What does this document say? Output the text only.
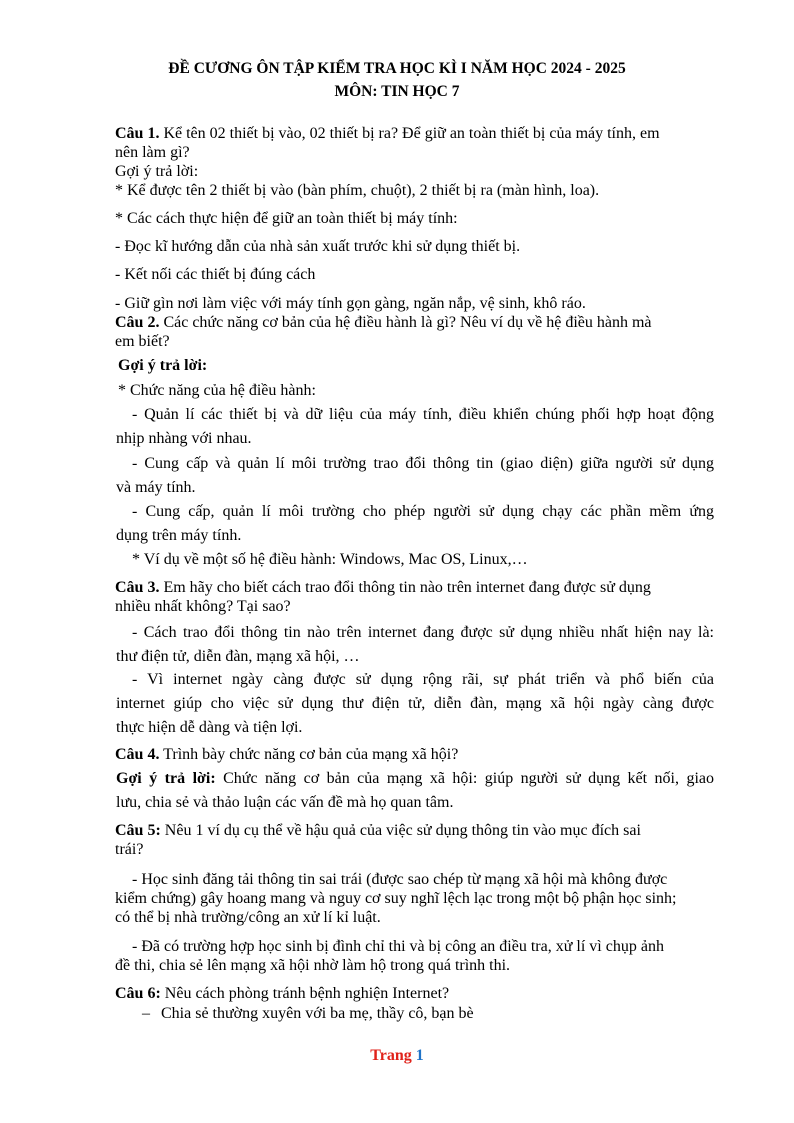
ĐỀ CƯƠNG ÔN TẬP KIỂM TRA HỌC KÌ I NĂM HỌC 2024 - 2025
MÔN: TIN HỌC 7
Câu 1. Kể tên 02 thiết bị vào, 02 thiết bị ra? Để giữ an toàn thiết bị của máy tính, em
nên làm gì?
Gợi ý trả lời:
* Kể được tên 2 thiết bị vào (bàn phím, chuột), 2 thiết bị ra (màn hình, loa).
* Các cách thực hiện để giữ an toàn thiết bị máy tính:
- Đọc kĩ hướng dẫn của nhà sản xuất trước khi sử dụng thiết bị.
- Kết nối các thiết bị đúng cách
- Giữ gìn nơi làm việc với máy tính gọn gàng, ngăn nắp, vệ sinh, khô ráo.
Câu 2. Các chức năng cơ bản của hệ điều hành là gì? Nêu ví dụ về hệ điều hành mà
em biết?
Gợi ý trả lời:
* Chức năng của hệ điều hành:
- Quản lí các thiết bị và dữ liệu của máy tính, điều khiển chúng phối hợp hoạt động
nhịp nhàng với nhau.
- Cung cấp và quản lí môi trường trao đổi thông tin (giao diện) giữa người sử dụng
và máy tính.
- Cung cấp, quản lí môi trường cho phép người sử dụng chạy các phần mềm ứng
dụng trên máy tính.
* Ví dụ về một số hệ điều hành: Windows, Mac OS, Linux,…
Câu 3. Em hãy cho biết cách trao đổi thông tin nào trên internet đang được sử dụng
nhiều nhất không? Tại sao?
- Cách trao đổi thông tin nào trên internet đang được sử dụng nhiều nhất hiện nay là:
thư điện tử, diễn đàn, mạng xã hội, …
- Vì internet ngày càng được sử dụng rộng rãi, sự phát triển và phổ biến của
internet giúp cho việc sử dụng thư điện tử, diễn đàn, mạng xã hội ngày càng được
thực hiện dễ dàng và tiện lợi.
Câu 4. Trình bày chức năng cơ bản của mạng xã hội?
Gợi ý trả lời: Chức năng cơ bản của mạng xã hội: giúp người sử dụng kết nối, giao
lưu, chia sẻ và thảo luận các vấn đề mà họ quan tâm.
Câu 5: Nêu 1 ví dụ cụ thể về hậu quả của việc sử dụng thông tin vào mục đích sai
trái?
- Học sinh đăng tải thông tin sai trái (được sao chép từ mạng xã hội mà không được
kiểm chứng) gây hoang mang và nguy cơ suy nghĩ lệch lạc trong một bộ phận học sinh;
có thể bị nhà trường/công an xử lí kỉ luật.
- Đã có trường hợp học sinh bị đình chỉ thi và bị công an điều tra, xử lí vì chụp ảnh
đề thi, chia sẻ lên mạng xã hội nhờ làm hộ trong quá trình thi.
Câu 6: Nêu cách phòng tránh bệnh nghiện Internet?
– Chia sẻ thường xuyên với ba mẹ, thầy cô, bạn bè
Trang 1
